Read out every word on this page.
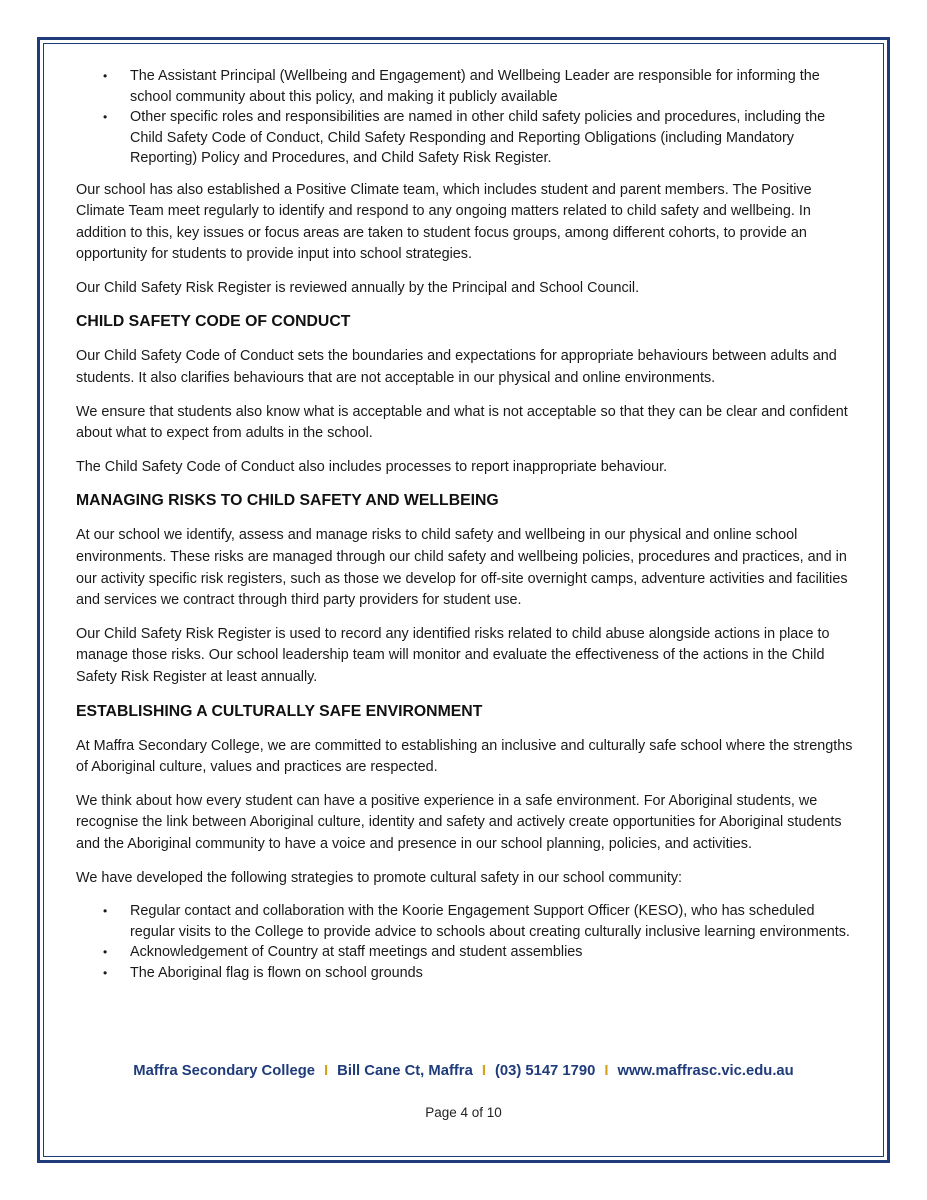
• The Assistant Principal (Wellbeing and Engagement) and Wellbeing Leader are responsible for informing the school community about this policy, and making it publicly available
• Other specific roles and responsibilities are named in other child safety policies and procedures, including the Child Safety Code of Conduct, Child Safety Responding and Reporting Obligations (including Mandatory Reporting) Policy and Procedures, and Child Safety Risk Register.

Our school has also established a Positive Climate team, which includes student and parent members. The Positive Climate Team meet regularly to identify and respond to any ongoing matters related to child safety and wellbeing. In addition to this, key issues or focus areas are taken to student focus groups, among different cohorts, to provide an opportunity for students to provide input into school strategies.

Our Child Safety Risk Register is reviewed annually by the Principal and School Council.

CHILD SAFETY CODE OF CONDUCT

Our Child Safety Code of Conduct sets the boundaries and expectations for appropriate behaviours between adults and students. It also clarifies behaviours that are not acceptable in our physical and online environments.

We ensure that students also know what is acceptable and what is not acceptable so that they can be clear and confident about what to expect from adults in the school.

The Child Safety Code of Conduct also includes processes to report inappropriate behaviour.

MANAGING RISKS TO CHILD SAFETY AND WELLBEING

At our school we identify, assess and manage risks to child safety and wellbeing in our physical and online school environments. These risks are managed through our child safety and wellbeing policies, procedures and practices, and in our activity specific risk registers, such as those we develop for off-site overnight camps, adventure activities and facilities and services we contract through third party providers for student use.

Our Child Safety Risk Register is used to record any identified risks related to child abuse alongside actions in place to manage those risks. Our school leadership team will monitor and evaluate the effectiveness of the actions in the Child Safety Risk Register at least annually.

ESTABLISHING A CULTURALLY SAFE ENVIRONMENT

At Maffra Secondary College, we are committed to establishing an inclusive and culturally safe school where the strengths of Aboriginal culture, values and practices are respected.

We think about how every student can have a positive experience in a safe environment. For Aboriginal students, we recognise the link between Aboriginal culture, identity and safety and actively create opportunities for Aboriginal students and the Aboriginal community to have a voice and presence in our school planning, policies, and activities.

We have developed the following strategies to promote cultural safety in our school community:

• Regular contact and collaboration with the Koorie Engagement Support Officer (KESO), who has scheduled regular visits to the College to provide advice to schools about creating culturally inclusive learning environments.
• Acknowledgement of Country at staff meetings and student assemblies
• The Aboriginal flag is flown on school grounds
Maffra Secondary College I Bill Cane Ct, Maffra I (03) 5147 1790 I www.maffrasc.vic.edu.au
Page 4 of 10
